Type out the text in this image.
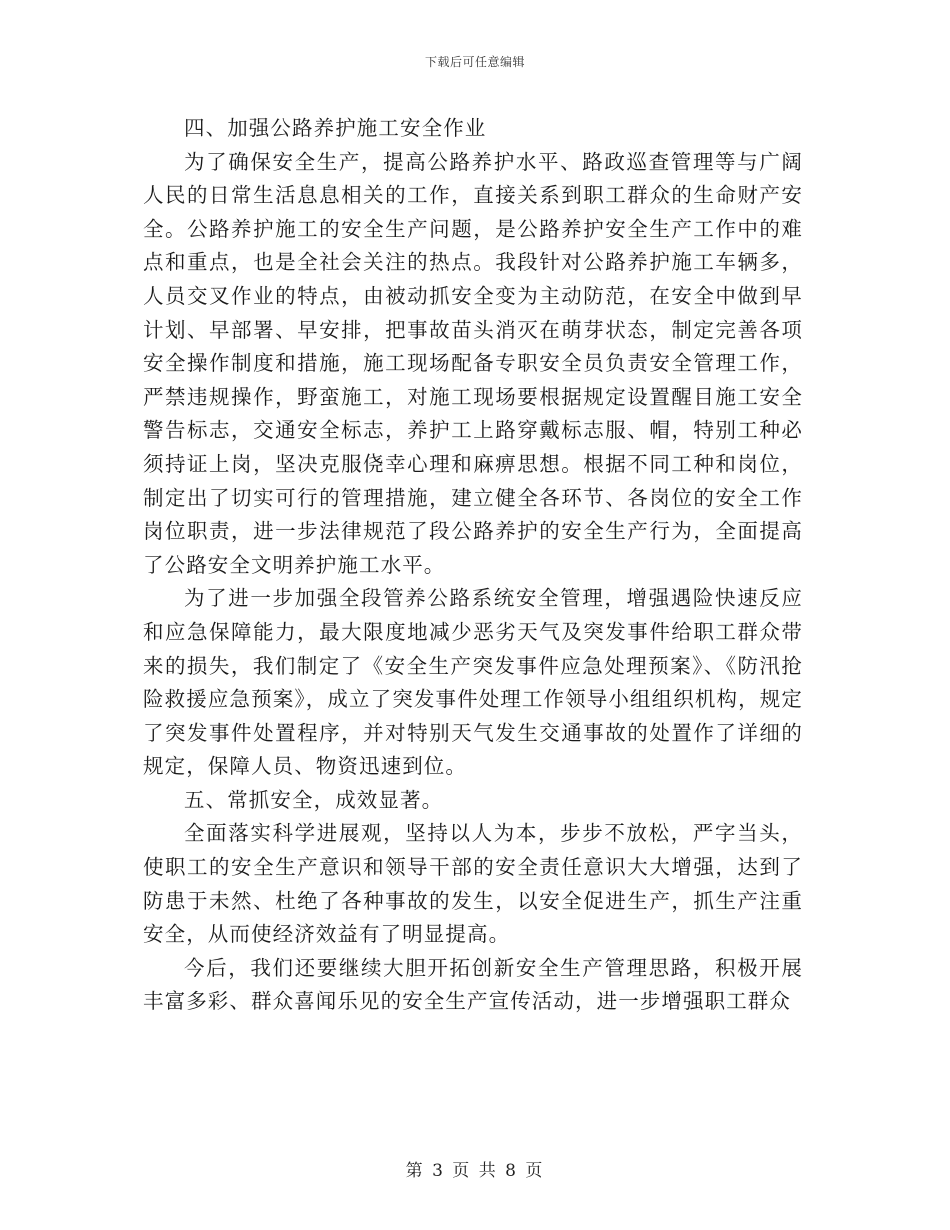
下载后可任意编辑

四、加强公路养护施工安全作业

为了确保安全生产，提高公路养护水平、路政巡查管理等与广阔人民的日常生活息息相关的工作，直接关系到职工群众的生命财产安全。公路养护施工的安全生产问题，是公路养护安全生产工作中的难点和重点，也是全社会关注的热点。我段针对公路养护施工车辆多，人员交叉作业的特点，由被动抓安全变为主动防范，在安全中做到早计划、早部署、早安排，把事故苗头消灭在萌芽状态，制定完善各项安全操作制度和措施，施工现场配备专职安全员负责安全管理工作，严禁违规操作，野蛮施工，对施工现场要根据规定设置醒目施工安全警告标志，交通安全标志，养护工上路穿戴标志服、帽，特别工种必须持证上岗，坚决克服侥幸心理和麻痹思想。根据不同工种和岗位，制定出了切实可行的管理措施，建立健全各环节、各岗位的安全工作岗位职责，进一步法律规范了段公路养护的安全生产行为，全面提高了公路安全文明养护施工水平。

为了进一步加强全段管养公路系统安全管理，增强遇险快速反应和应急保障能力，最大限度地减少恶劣天气及突发事件给职工群众带来的损失，我们制定了《安全生产突发事件应急处理预案》、《防汛抢险救援应急预案》，成立了突发事件处理工作领导小组组织机构，规定了突发事件处置程序，并对特别天气发生交通事故的处置作了详细的规定，保障人员、物资迅速到位。

五、常抓安全，成效显著。

全面落实科学进展观，坚持以人为本，步步不放松，严字当头，使职工的安全生产意识和领导干部的安全责任意识大大增强，达到了防患于未然、杜绝了各种事故的发生，以安全促进生产，抓生产注重安全，从而使经济效益有了明显提高。

今后，我们还要继续大胆开拓创新安全生产管理思路，积极开展丰富多彩、群众喜闻乐见的安全生产宣传活动，进一步增强职工群众

第 3 页 共 8 页
